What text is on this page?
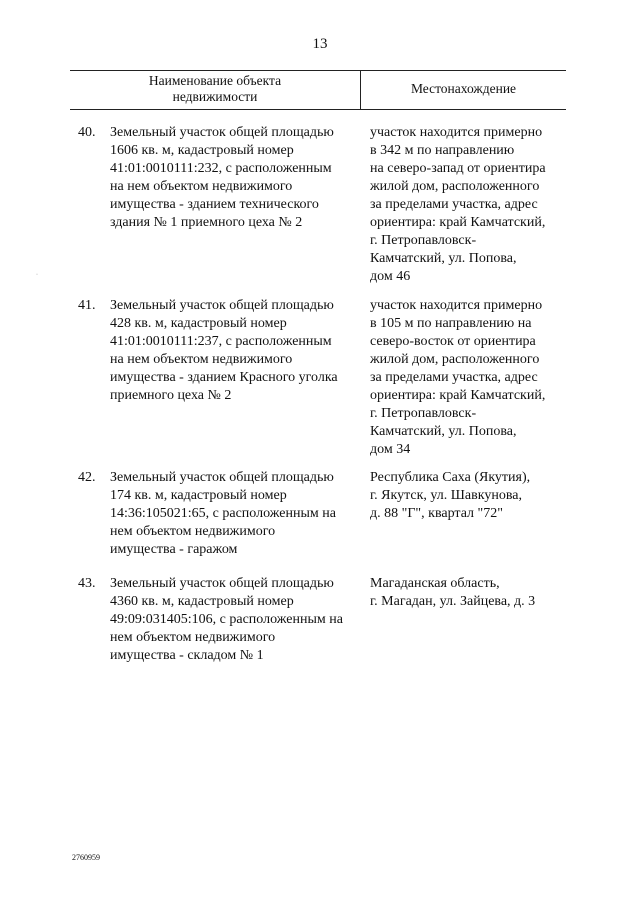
13
Наименование объекта
недвижимости
Местонахождение
40. Земельный участок общей площадью
1606 кв. м, кадастровый номер
41:01:0010111:232, с расположенным
на нем объектом недвижимого
имущества - зданием технического
здания № 1 приемного цеха № 2
участок находится примерно
в 342 м по направлению
на северо-запад от ориентира
жилой дом, расположенного
за пределами участка, адрес
ориентира: край Камчатский,
г. Петропавловск-
Камчатский, ул. Попова,
дом 46
41. Земельный участок общей площадью
428 кв. м, кадастровый номер
41:01:0010111:237, с расположенным
на нем объектом недвижимого
имущества - зданием Красного уголка
приемного цеха № 2
участок находится примерно
в 105 м по направлению на
северо-восток от ориентира
жилой дом, расположенного
за пределами участка, адрес
ориентира: край Камчатский,
г. Петропавловск-
Камчатский, ул. Попова,
дом 34
42. Земельный участок общей площадью
174 кв. м, кадастровый номер
14:36:105021:65, с расположенным на
нем объектом недвижимого
имущества - гаражом
Республика Саха (Якутия),
г. Якутск, ул. Шавкунова,
д. 88 "Г", квартал "72"
43. Земельный участок общей площадью
4360 кв. м, кадастровый номер
49:09:031405:106, с расположенным на
нем объектом недвижимого
имущества - складом № 1
Магаданская область,
г. Магадан, ул. Зайцева, д. 3
·
2760959
